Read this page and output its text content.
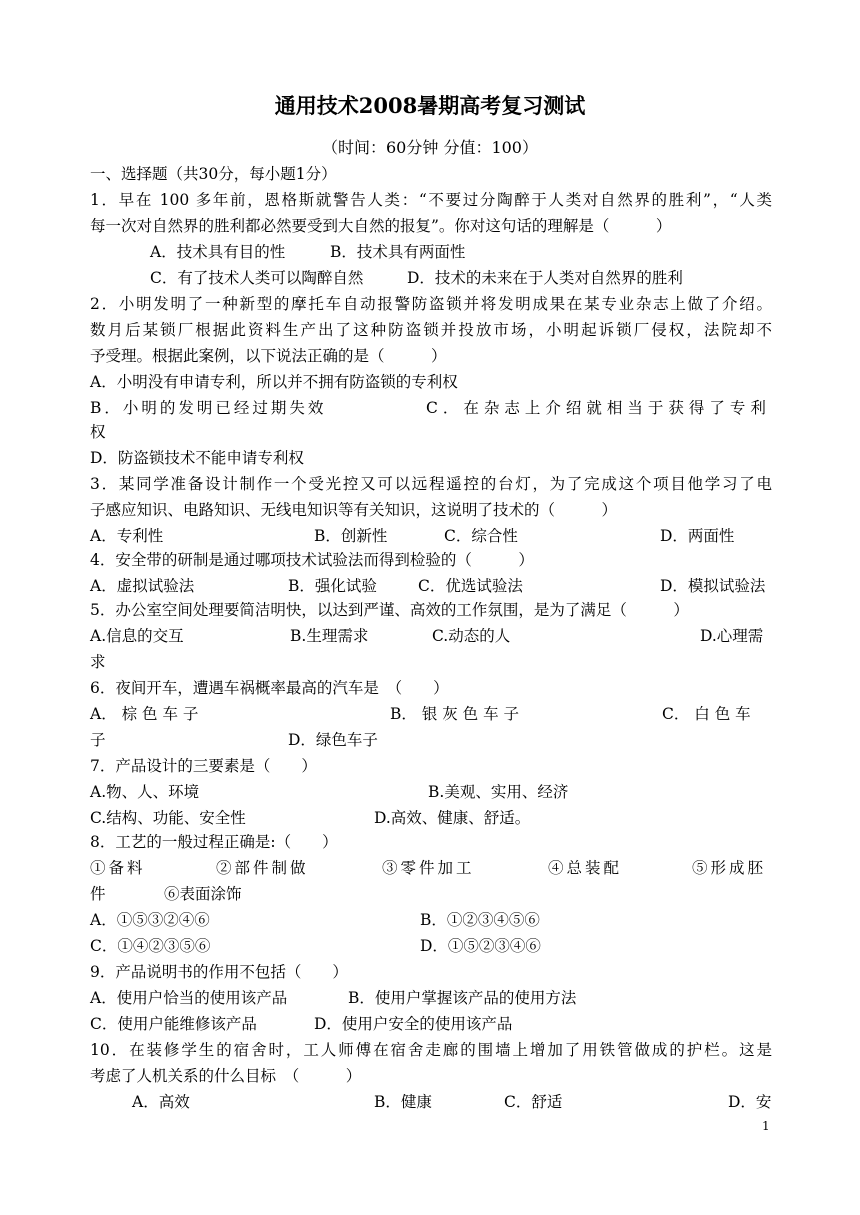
通用技术2008暑期高考复习测试
（时间：60分钟 分值：100）
一、选择题（共30分，每小题1分）
1．早在 100 多年前，恩格斯就警告人类：“不要过分陶醉于人类对自然界的胜利”，“人类
每一次对自然界的胜利都必然要受到大自然的报复”。你对这句话的理解是（　　　）
A．技术具有目的性	B．技术具有两面性
C．有了技术人类可以陶醉自然	D．技术的未来在于人类对自然界的胜利
2．小明发明了一种新型的摩托车自动报警防盗锁并将发明成果在某专业杂志上做了介绍。
数月后某锁厂根据此资料生产出了这种防盗锁并投放市场，小明起诉锁厂侵权，法院却不
予受理。根据此案例，以下说法正确的是（　　　）
A．小明没有申请专利，所以并不拥有防盗锁的专利权
B．小明的发明已经过期失效	C．在杂志上介绍就相当于获得了专利
权
D．防盗锁技术不能申请专利权
3．某同学准备设计制作一个受光控又可以远程遥控的台灯，为了完成这个项目他学习了电
子感应知识、电路知识、无线电知识等有关知识，这说明了技术的（　　　）
A．专利性	B．创新性	C．综合性	D．两面性
4．安全带的研制是通过哪项技术试验法而得到检验的（　　　）
A．虚拟试验法	B．强化试验	C．优选试验法	D．模拟试验法
5．办公室空间处理要简洁明快，以达到严谨、高效的工作氛围，是为了满足（　　　）
A.信息的交互	B.生理需求	C.动态的人	D.心理需
求
6．夜间开车，遭遇车祸概率最高的汽车是　（　　）
A． 棕 色 车 子	B． 银 灰 色 车 子	C． 白 色 车
子	D．绿色车子
7．产品设计的三要素是（　　）
A.物、人、环境	B.美观、实用、经济
C.结构、功能、安全性	D.高效、健康、舒适。
8．工艺的一般过程正确是:（　　）
①备料	②部件制做	③零件加工	④总装配	⑤形成胚
件	⑥表面涂饰
A．①⑤③②④⑥	B．①②③④⑤⑥
C．①④②③⑤⑥	D．①⑤②③④⑥
9．产品说明书的作用不包括（　　）
A．使用户恰当的使用该产品	B．使用户掌握该产品的使用方法
C．使用户能维修该产品	D．使用户安全的使用该产品
10．在装修学生的宿舍时，工人师傅在宿舍走廊的围墙上增加了用铁管做成的护栏。这是
考虑了人机关系的什么目标　（　　　）
A．高效	B．健康	C．舒适	D．安
1
